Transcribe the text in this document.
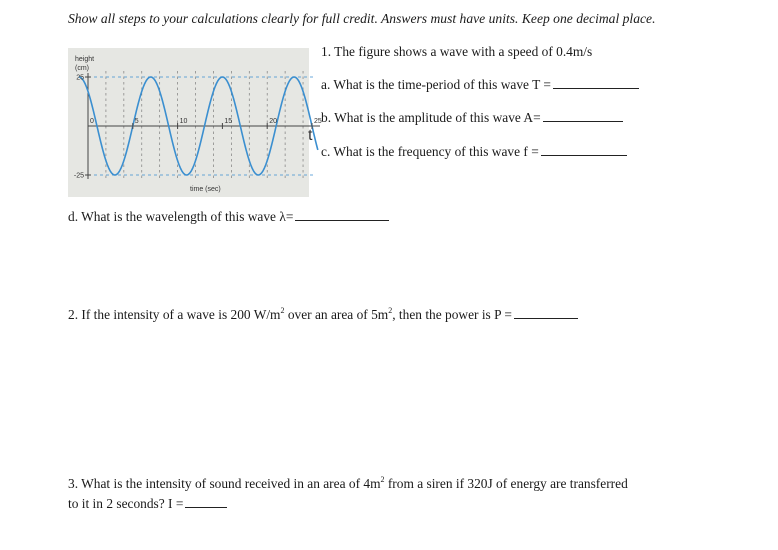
Show all steps to your calculations clearly for full credit. Answers must have units. Keep one decimal place.
25
-25
0	5	10	15	20	25
height
(cm)
time (sec)
t
1. The figure shows a wave with a speed of 0.4m/s
a. What is the time-period of this wave T =
b. What is the amplitude of this wave A=
c. What is the frequency of this wave f =
d. What is the wavelength of this wave λ=
2. If the intensity of a wave is 200 $W/m^2$ over an area of $5m^2$, then the power is P =
3. What is the intensity of sound received in an area of $4m^2$ from a siren if 320J of energy are transferred
to it in 2 seconds? I =
